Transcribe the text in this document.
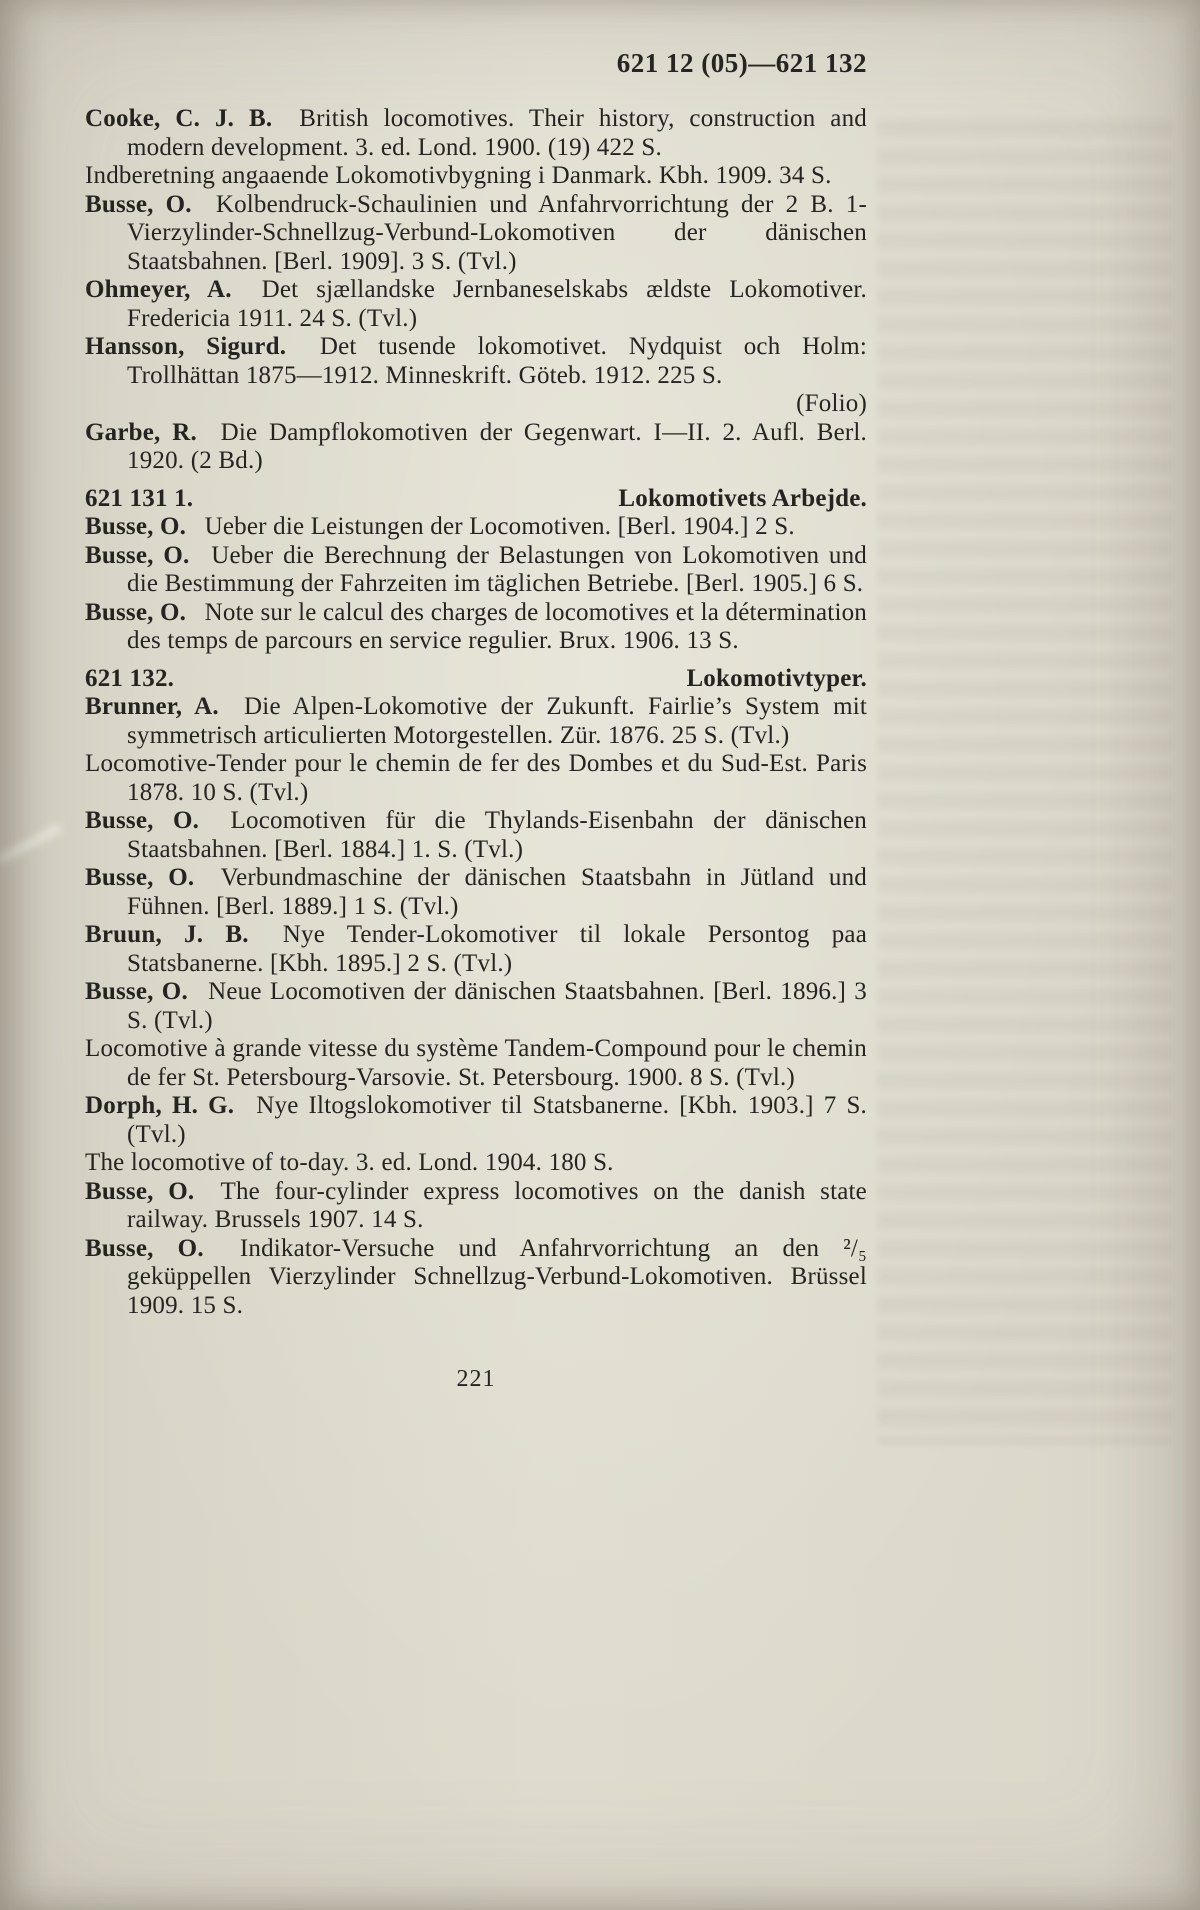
621 12 (05)—621 132

Cooke, C. J. B. British locomotives. Their history, construction and modern development. 3. ed. Lond. 1900. (19) 422 S.

Indberetning angaaende Lokomotivbygning i Danmark. Kbh. 1909. 34 S.

Busse, O. Kolbendruck-Schaulinien und Anfahrvorrichtung der 2 B. 1-Vierzylinder-Schnellzug-Verbund-Lokomotiven der dänischen Staatsbahnen. [Berl. 1909]. 3 S. (Tvl.)

Ohmeyer, A. Det sjællandske Jernbaneselskabs ældste Lokomotiver. Fredericia 1911. 24 S. (Tvl.)

Hansson, Sigurd. Det tusende lokomotivet. Nydquist och Holm: Trollhättan 1875—1912. Minneskrift. Göteb. 1912. 225 S.

(Folio)

Garbe, R. Die Dampflokomotiven der Gegenwart. I—II. 2. Aufl. Berl. 1920. (2 Bd.)

621 131 1.	Lokomotivets Arbejde.

Busse, O. Ueber die Leistungen der Locomotiven. [Berl. 1904.] 2 S.

Busse, O. Ueber die Berechnung der Belastungen von Lokomotiven und die Bestimmung der Fahrzeiten im täglichen Betriebe. [Berl. 1905.] 6 S.

Busse, O. Note sur le calcul des charges de locomotives et la détermination des temps de parcours en service regulier. Brux. 1906. 13 S.

621 132.	Lokomotivtyper.

Brunner, A. Die Alpen-Lokomotive der Zukunft. Fairlie’s System mit symmetrisch articulierten Motorgestellen. Zür. 1876. 25 S. (Tvl.)

Locomotive-Tender pour le chemin de fer des Dombes et du Sud-Est. Paris 1878. 10 S. (Tvl.)

Busse, O. Locomotiven für die Thylands-Eisenbahn der dänischen Staatsbahnen. [Berl. 1884.] 1. S. (Tvl.)

Busse, O. Verbundmaschine der dänischen Staatsbahn in Jütland und Fühnen. [Berl. 1889.] 1 S. (Tvl.)

Bruun, J. B. Nye Tender-Lokomotiver til lokale Persontog paa Statsbanerne. [Kbh. 1895.] 2 S. (Tvl.)

Busse, O. Neue Locomotiven der dänischen Staatsbahnen. [Berl. 1896.] 3 S. (Tvl.)

Locomotive à grande vitesse du système Tandem-Compound pour le chemin de fer St. Petersbourg-Varsovie. St. Petersbourg. 1900. 8 S. (Tvl.)

Dorph, H. G. Nye Iltogslokomotiver til Statsbanerne. [Kbh. 1903.] 7 S. (Tvl.)

The locomotive of to-day. 3. ed. Lond. 1904. 180 S.

Busse, O. The four-cylinder express locomotives on the danish state railway. Brussels 1907. 14 S.

Busse, O. Indikator-Versuche und Anfahrvorrichtung an den ²/₅ geküppellen Vierzylinder Schnellzug-Verbund-Lokomotiven. Brüssel 1909. 15 S.

221
